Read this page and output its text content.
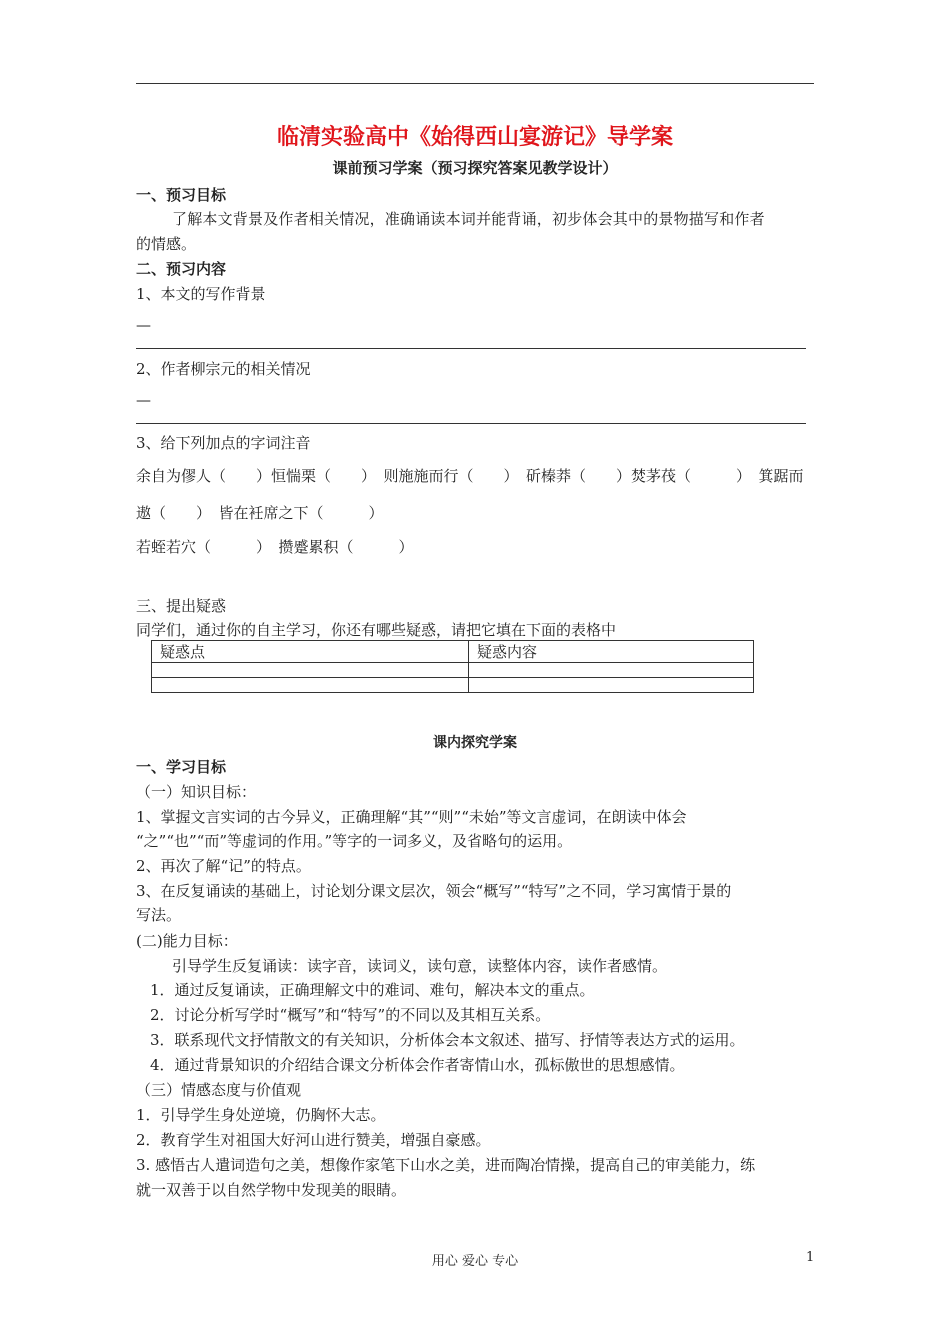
临清实验高中《始得西山宴游记》导学案
课前预习学案（预习探究答案见教学设计）
一、预习目标
了解本文背景及作者相关情况，准确诵读本词并能背诵，初步体会其中的景物描写和作者
的情感。
二、预习内容
1、本文的写作背景
—
2、作者柳宗元的相关情况
—
3、给下列加点的字词注音
余自为僇人（　　）恒惴栗（　　）　则施施而行（　　）　斫榛莽（　　）焚茅茷（　　　）　箕踞而
遨（　　）　皆在衽席之下（　　　）
若蛭若穴（　　　）　攒蹙累积（　　　）
三、提出疑惑
同学们，通过你的自主学习，你还有哪些疑惑，请把它填在下面的表格中
疑惑点	疑惑内容

课内探究学案
一、学习目标
（一）知识目标：
1、掌握文言实词的古今异义，正确理解“其”“则”“未始”等文言虚词，在朗读中体会
“之”“也”“而”等虚词的作用。”等字的一词多义，及省略句的运用。
2、再次了解“记”的特点。
3、在反复诵读的基础上，讨论划分课文层次，领会“概写”“特写”之不同，学习寓情于景的
写法。
(二)能力目标：
引导学生反复诵读：读字音，读词义，读句意，读整体内容，读作者感情。
1．通过反复诵读，正确理解文中的难词、难句，解决本文的重点。
2．讨论分析写学时“概写”和“特写”的不同以及其相互关系。
3．联系现代文抒情散文的有关知识，分析体会本文叙述、描写、抒情等表达方式的运用。
4．通过背景知识的介绍结合课文分析体会作者寄情山水，孤标傲世的思想感情。
（三）情感态度与价值观
1．引导学生身处逆境，仍胸怀大志。
2．教育学生对祖国大好河山进行赞美，增强自豪感。
3. 感悟古人遣词造句之美，想像作家笔下山水之美，进而陶冶情操，提高自己的审美能力，练
就一双善于以自然学物中发现美的眼睛。
用心 爱心 专心	1
